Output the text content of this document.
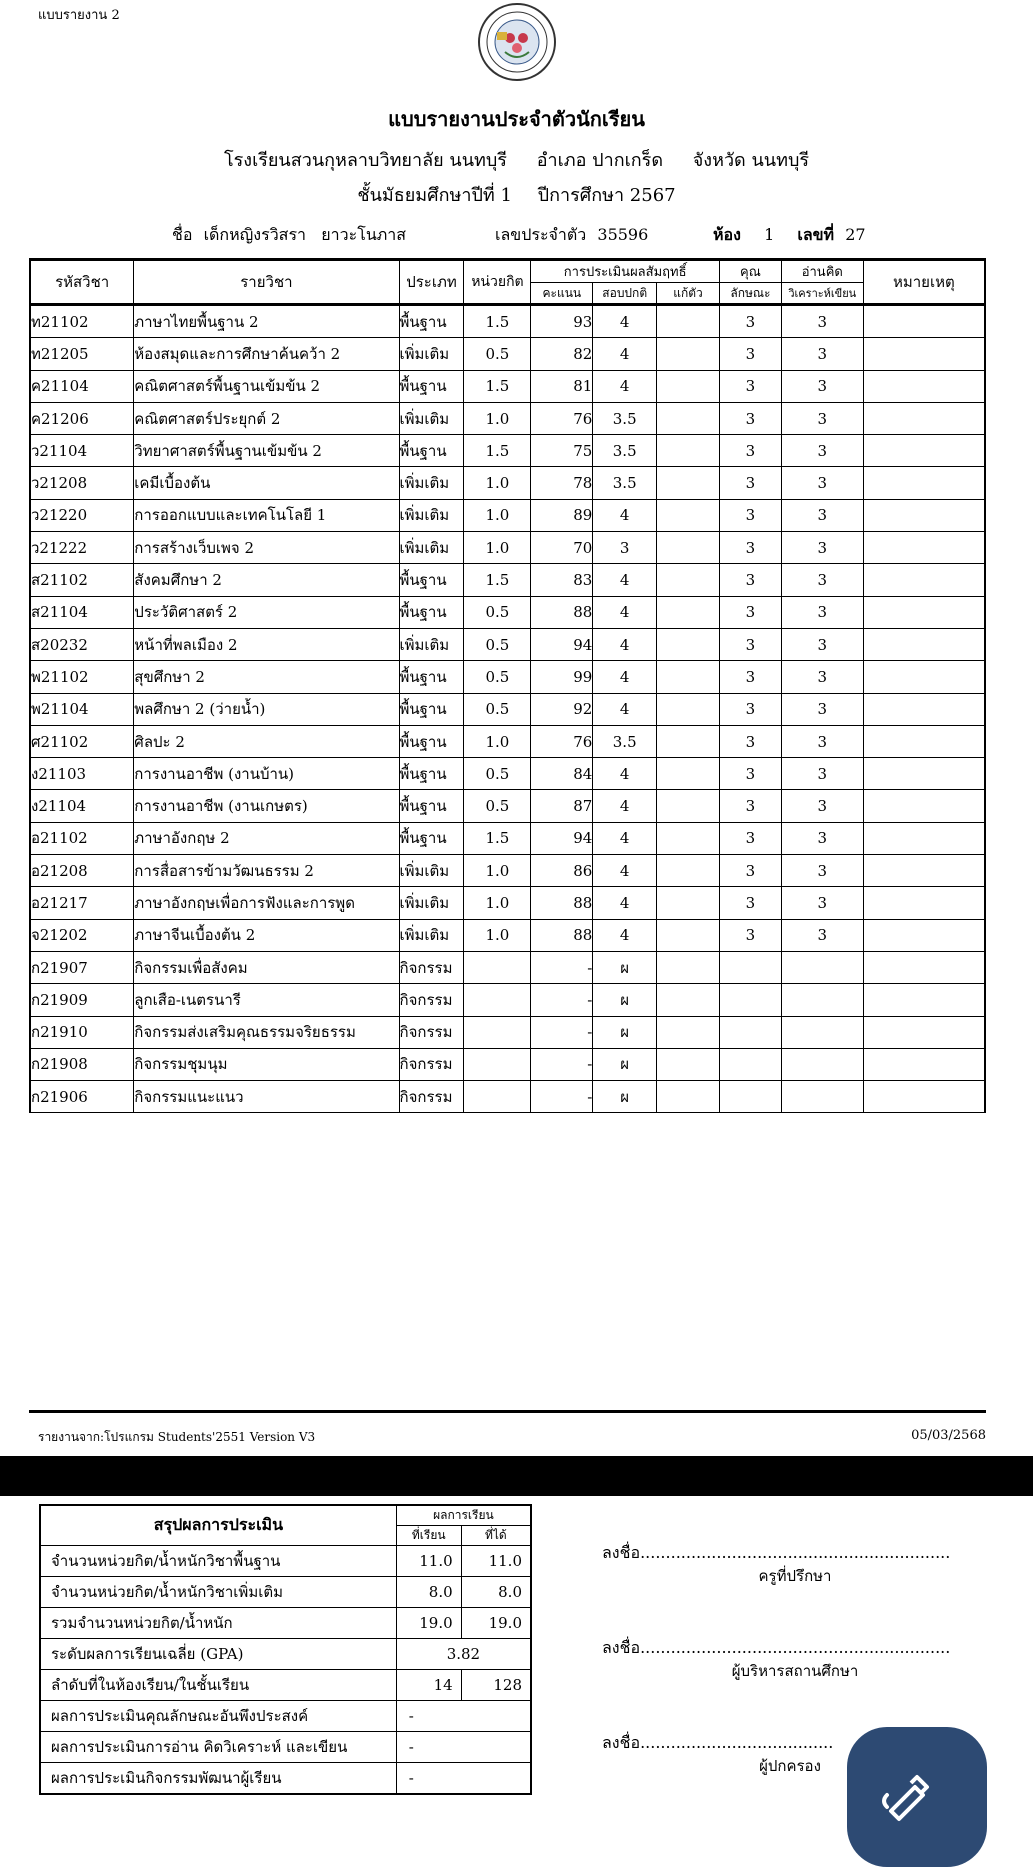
แบบรายงาน 2
แบบรายงานประจำตัวนักเรียน
โรงเรียนสวนกุหลาบวิทยาลัย นนทบุรี อำเภอ ปากเกร็ด จังหวัด นนทบุรี
ชั้นมัธยมศึกษาปีที่ 1 ปีการศึกษา 2567
ชื่อ เด็กหญิงรวิสรา   ยาวะโนภาส	เลขประจำตัว 35596	ห้อง 1 เลขที่ 27
รหัสวิชา	รายวิชา	ประเภท	หน่วยกิต	การประเมินผลสัมฤทธิ์			คุณ	อ่านคิด	หมายเหตุ
				คะแนน	สอบปกติ	แก้ตัว	ลักษณะ	วิเคราะห์เขียน	
ท21102	ภาษาไทยพื้นฐาน 2	พื้นฐาน	1.5	93	4		3	3	
ท21205	ห้องสมุดและการศึกษาค้นคว้า 2	เพิ่มเติม	0.5	82	4		3	3	
ค21104	คณิตศาสตร์พื้นฐานเข้มข้น 2	พื้นฐาน	1.5	81	4		3	3	
ค21206	คณิตศาสตร์ประยุกต์ 2	เพิ่มเติม	1.0	76	3.5		3	3	
ว21104	วิทยาศาสตร์พื้นฐานเข้มข้น 2	พื้นฐาน	1.5	75	3.5		3	3	
ว21208	เคมีเบื้องต้น	เพิ่มเติม	1.0	78	3.5		3	3	
ว21220	การออกแบบและเทคโนโลยี 1	เพิ่มเติม	1.0	89	4		3	3	
ว21222	การสร้างเว็บเพจ 2	เพิ่มเติม	1.0	70	3		3	3	
ส21102	สังคมศึกษา 2	พื้นฐาน	1.5	83	4		3	3	
ส21104	ประวัติศาสตร์ 2	พื้นฐาน	0.5	88	4		3	3	
ส20232	หน้าที่พลเมือง 2	เพิ่มเติม	0.5	94	4		3	3	
พ21102	สุขศึกษา 2	พื้นฐาน	0.5	99	4		3	3	
พ21104	พลศึกษา 2 (ว่ายน้ำ)	พื้นฐาน	0.5	92	4		3	3	
ศ21102	ศิลปะ 2	พื้นฐาน	1.0	76	3.5		3	3	
ง21103	การงานอาชีพ (งานบ้าน)	พื้นฐาน	0.5	84	4		3	3	
ง21104	การงานอาชีพ (งานเกษตร)	พื้นฐาน	0.5	87	4		3	3	
อ21102	ภาษาอังกฤษ 2	พื้นฐาน	1.5	94	4		3	3	
อ21208	การสื่อสารข้ามวัฒนธรรม 2	เพิ่มเติม	1.0	86	4		3	3	
อ21217	ภาษาอังกฤษเพื่อการฟังและการพูด	เพิ่มเติม	1.0	88	4		3	3	
จ21202	ภาษาจีนเบื้องต้น 2	เพิ่มเติม	1.0	88	4		3	3	
ก21907	กิจกรรมเพื่อสังคม	กิจกรรม		-	ผ				
ก21909	ลูกเสือ-เนตรนารี	กิจกรรม		-	ผ				
ก21910	กิจกรรมส่งเสริมคุณธรรมจริยธรรม	กิจกรรม		-	ผ				
ก21908	กิจกรรมชุมนุม	กิจกรรม		-	ผ				
ก21906	กิจกรรมแนะแนว	กิจกรรม		-	ผ				
รายงานจาก:โปรแกรม Students'2551 Version V3	05/03/2568
สรุปผลการประเมิน	ผลการเรียน	
	ที่เรียน	ที่ได้
จำนวนหน่วยกิต/น้ำหนักวิชาพื้นฐาน	11.0	11.0
จำนวนหน่วยกิต/น้ำหนักวิชาเพิ่มเติม	8.0	8.0
รวมจำนวนหน่วยกิต/น้ำหนัก	19.0	19.0
ระดับผลการเรียนเฉลี่ย (GPA)	3.82	
ลำดับที่ในห้องเรียน/ในชั้นเรียน	14	128
ผลการประเมินคุณลักษณะอันพึงประสงค์	-	
ผลการประเมินการอ่าน คิดวิเคราะห์ และเขียน	-	
ผลการประเมินกิจกรรมพัฒนาผู้เรียน	-	
ลงชื่อ.............................................................
ครูที่ปรึกษา
ลงชื่อ.............................................................
ผู้บริหารสถานศึกษา
ลงชื่อ......................................
ผู้ปกครอง
